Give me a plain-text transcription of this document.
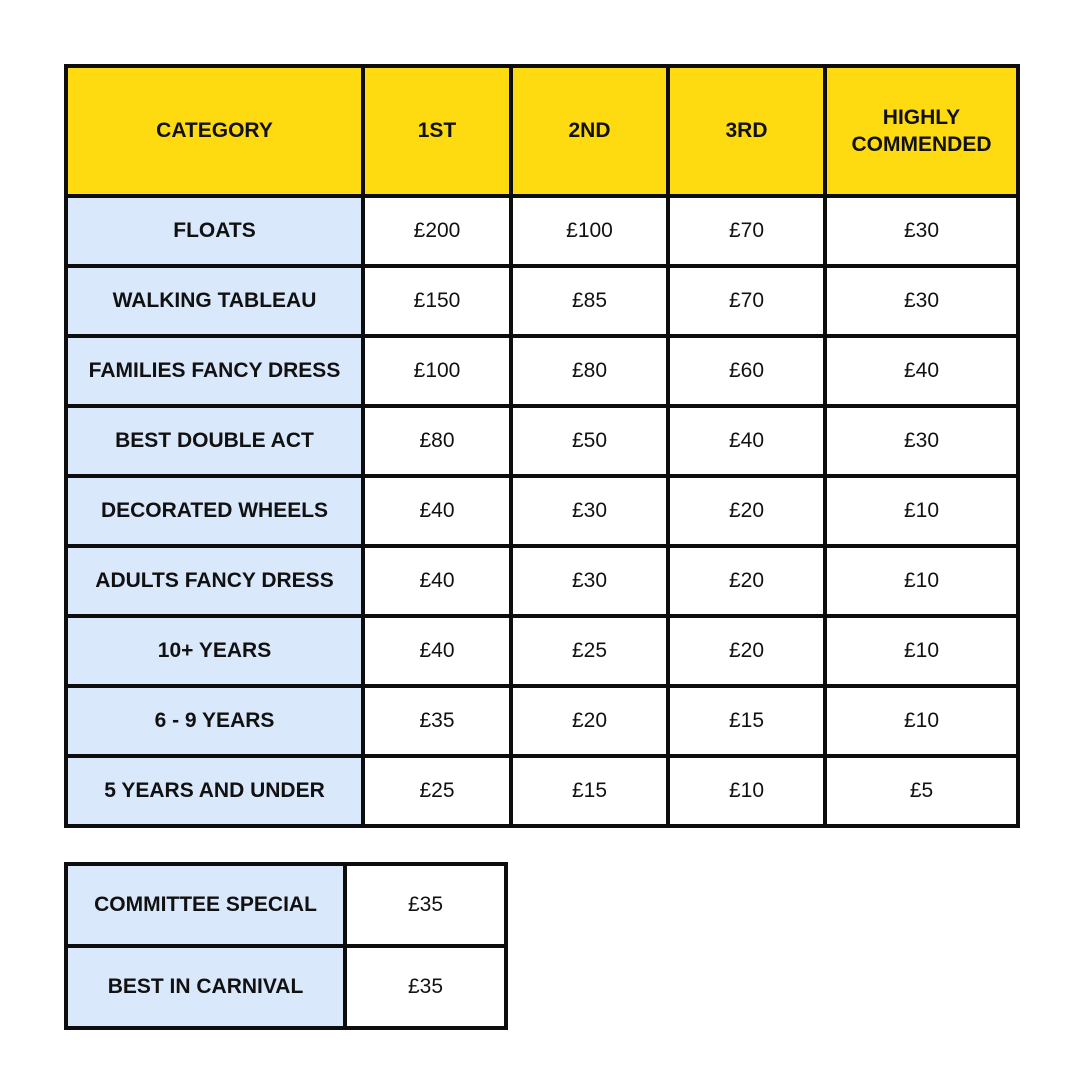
CATEGORY	1ST	2ND	3RD	HIGHLY COMMENDED
FLOATS	£200	£100	£70	£30
WALKING TABLEAU	£150	£85	£70	£30
FAMILIES FANCY DRESS	£100	£80	£60	£40
BEST DOUBLE ACT	£80	£50	£40	£30
DECORATED WHEELS	£40	£30	£20	£10
ADULTS FANCY DRESS	£40	£30	£20	£10
10+ YEARS	£40	£25	£20	£10
6 - 9 YEARS	£35	£20	£15	£10
5 YEARS AND UNDER	£25	£15	£10	£5
COMMITTEE SPECIAL	£35
BEST IN CARNIVAL	£35
